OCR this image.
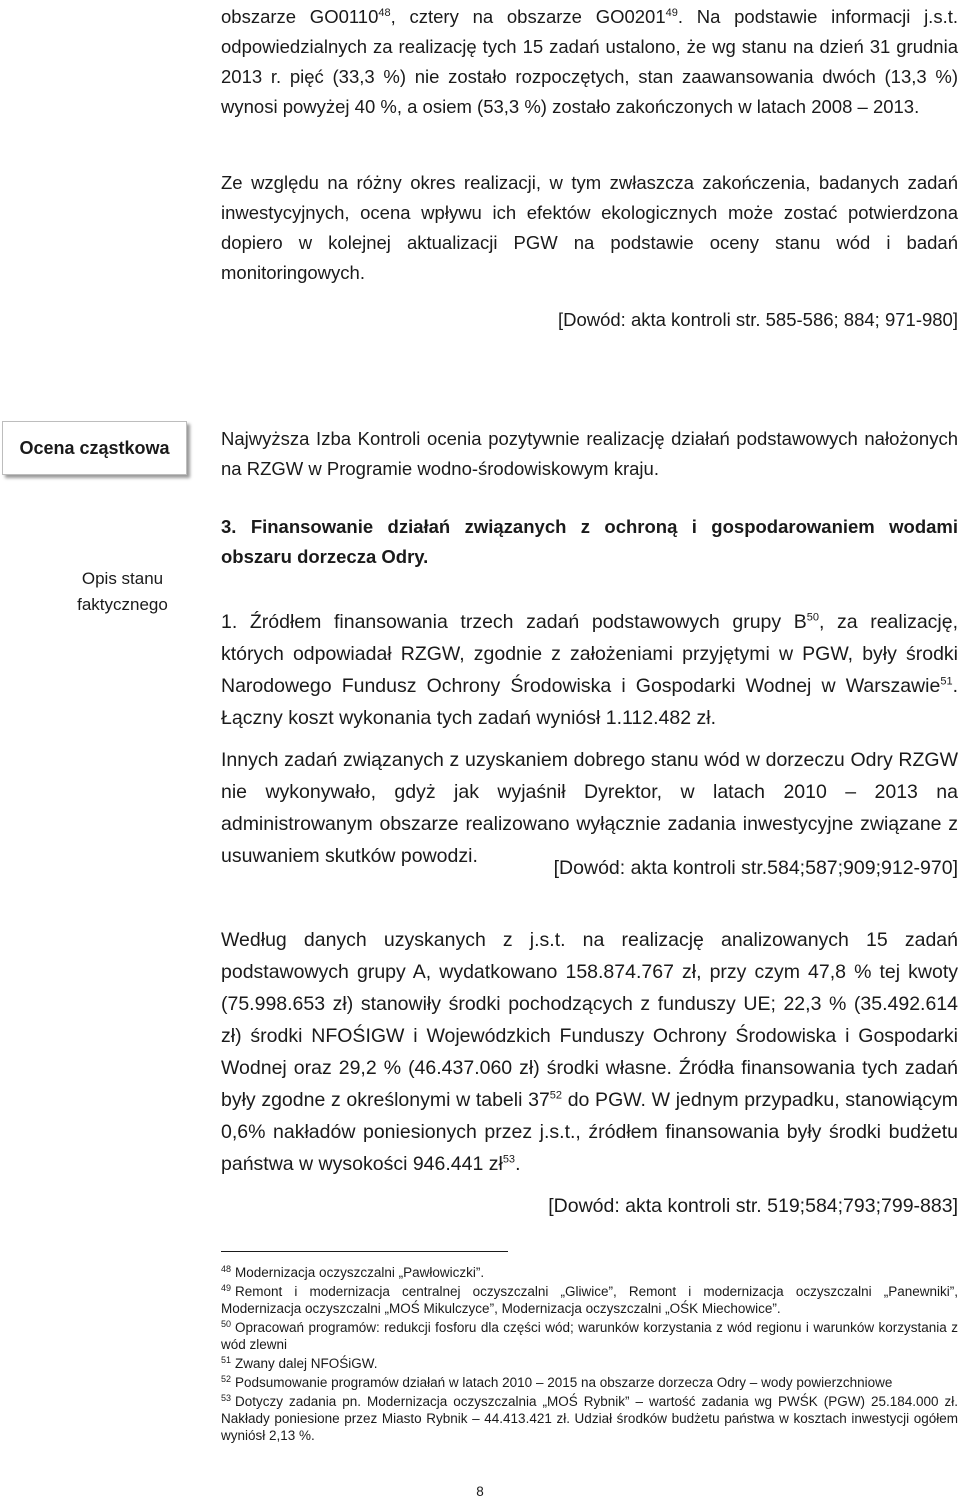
obszarze GO0110$^{48}$, cztery na obszarze GO0201$^{49}$. Na podstawie informacji j.s.t. odpowiedzialnych za realizację tych 15 zadań ustalono, że wg stanu na dzień 31 grudnia 2013 r. pięć (33,3 %) nie zostało rozpoczętych, stan zaawansowania dwóch (13,3 %) wynosi powyżej 40 %, a osiem (53,3 %) zostało zakończonych w latach 2008 – 2013.

Ze względu na różny okres realizacji, w tym zwłaszcza zakończenia, badanych zadań inwestycyjnych, ocena wpływu ich efektów ekologicznych może zostać potwierdzona dopiero w kolejnej aktualizacji PGW na podstawie oceny stanu wód i badań monitoringowych.

[Dowód: akta kontroli str. 585-586; 884; 971-980]
Ocena cząstkowa	Najwyższa Izba Kontroli ocenia pozytywnie realizację działań podstawowych nałożonych na RZGW w Programie wodno-środowiskowym kraju.

3. Finansowanie działań związanych z ochroną i gospodarowaniem wodami obszaru dorzecza Odry.

Opis stanu faktycznego

1. Źródłem finansowania trzech zadań podstawowych grupy $B^{50}$, za realizację, których odpowiadał RZGW, zgodnie z założeniami przyjętymi w PGW, były środki Narodowego Fundusz Ochrony Środowiska i Gospodarki Wodnej w Warszawie$^{51}$. Łączny koszt wykonania tych zadań wyniósł 1.112.482 zł.

Innych zadań związanych z uzyskaniem dobrego stanu wód w dorzeczu Odry RZGW nie wykonywało, gdyż jak wyjaśnił Dyrektor, w latach 2010 – 2013 na administrowanym obszarze realizowano wyłącznie zadania inwestycyjne związane z usuwaniem skutków powodzi.

[Dowód: akta kontroli str.584;587;909;912-970]

Według danych uzyskanych z j.s.t. na realizację analizowanych 15 zadań podstawowych grupy A, wydatkowano 158.874.767 zł, przy czym 47,8 % tej kwoty (75.998.653 zł) stanowiły środki pochodzących z funduszy UE; 22,3 % (35.492.614 zł) środki NFOŚIGW i Wojewódzkich Funduszy Ochrony Środowiska i Gospodarki Wodnej oraz 29,2 % (46.437.060 zł) środki własne. Źródła finansowania tych zadań były zgodne z określonymi w tabeli $37^{52}$ do PGW. W jednym przypadku, stanowiącym 0,6% nakładów poniesionych przez j.s.t., źródłem finansowania były środki budżetu państwa w wysokości 946.441 $zł^{53}$.

[Dowód: akta kontroli str. 519;584;793;799-883]

$^{48}$ Modernizacja oczyszczalni „Pawłowiczki”.

$^{49}$ Remont i modernizacja centralnej oczyszczalni „Gliwice”, Remont i modernizacja oczyszczalni „Panewniki”, Modernizacja oczyszczalni „MOŚ Mikulczyce”, Modernizacja oczyszczalni „OŚK Miechowice”.

$^{50}$ Opracowań programów: redukcji fosforu dla części wód; warunków korzystania z wód regionu i warunków korzystania z wód zlewni

$^{51}$ Zwany dalej NFOŚiGW.

$^{52}$ Podsumowanie programów działań w latach 2010 – 2015 na obszarze dorzecza Odry – wody powierzchniowe

$^{53}$ Dotyczy zadania pn. Modernizacja oczyszczalnia „MOŚ Rybnik” – wartość zadania wg PWŚK (PGW) 25.184.000 zł. Nakłady poniesione przez Miasto Rybnik – 44.413.421 zł. Udział środków budżetu państwa w kosztach inwestycji ogółem wyniósł 2,13 %.

8
